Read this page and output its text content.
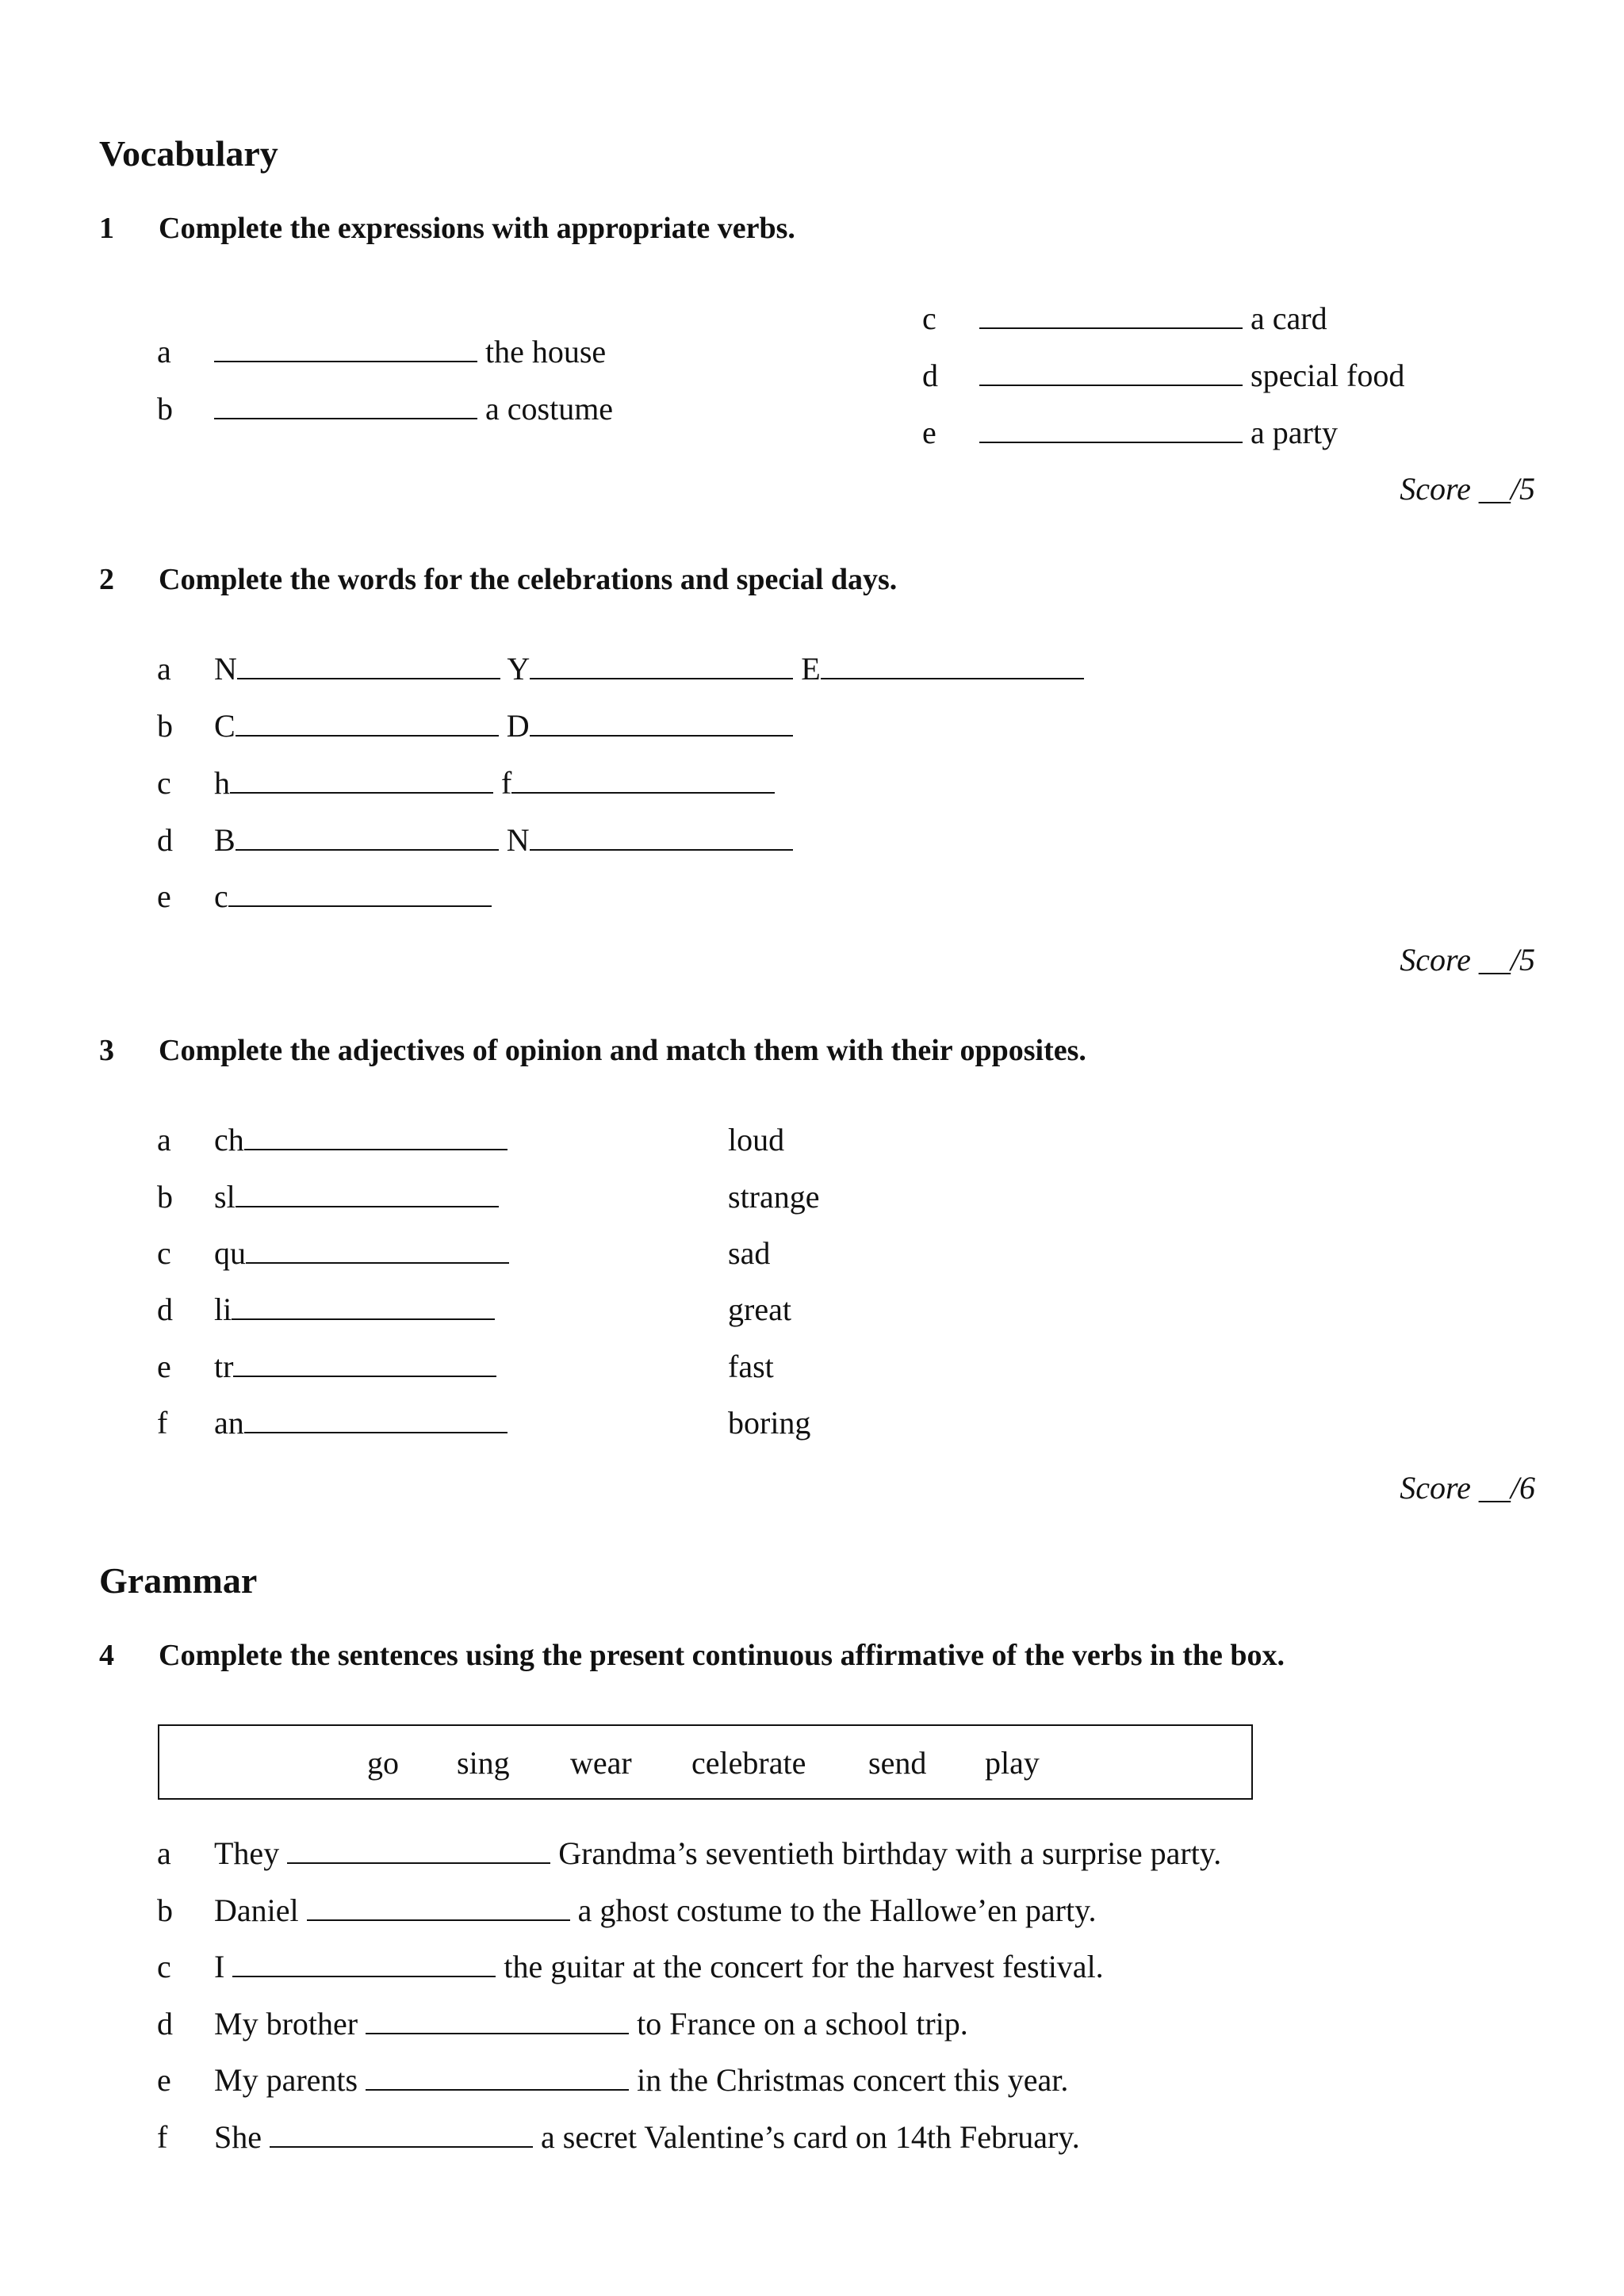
Vocabulary
1 Complete the expressions with appropriate verbs.
a	the house
b	a costume
c	a card
d	special food
e	a party
Score __/5
2 Complete the words for the celebrations and special days.
a N	Y	E
b C	D
c h	f
d B	N
e c
Score __/5
3 Complete the adjectives of opinion and match them with their opposites.
a ch	loud
b sl	strange
c qu	sad
d li	great
e tr	fast
f an	boring
Score __/6
Grammar
4 Complete the sentences using the present continuous affirmative of the verbs in the box.
go sing wear celebrate send play
a They	Grandma’s seventieth birthday with a surprise party.
b Daniel	a ghost costume to the Hallowe’en party.
c I	the guitar at the concert for the harvest festival.
d My brother	to France on a school trip.
e My parents	in the Christmas concert this year.
f She	a secret Valentine’s card on 14th February.
